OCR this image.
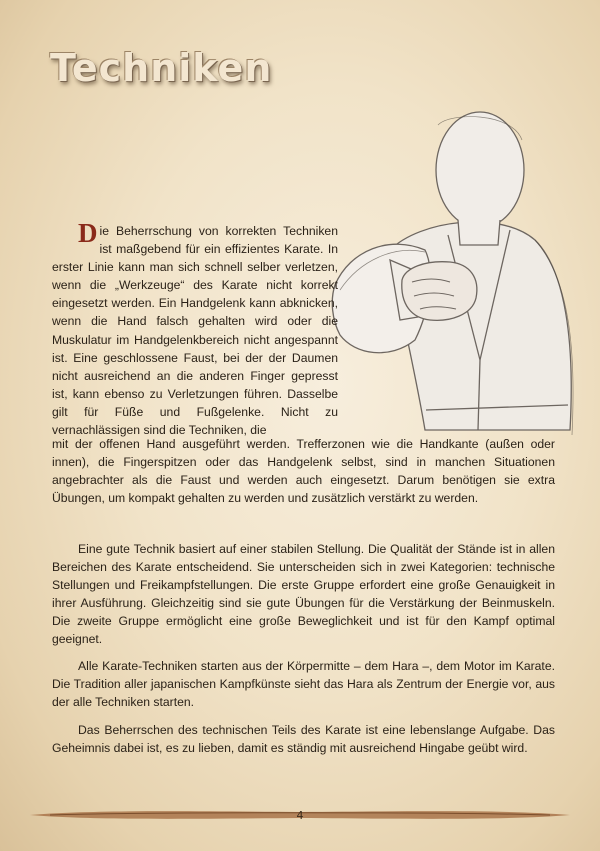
Techniken
Die Beherrschung von korrekten Techniken ist maßgebend für ein effizientes Karate. In erster Linie kann man sich schnell selber verletzen, wenn die „Werkzeuge“ des Karate nicht korrekt eingesetzt werden. Ein Handgelenk kann abknicken, wenn die Hand falsch gehalten wird oder die Muskulatur im Handgelenkbereich nicht angespannt ist. Eine geschlossene Faust, bei der der Daumen nicht ausreichend an die anderen Finger gepresst ist, kann ebenso zu Verletzungen führen. Dasselbe gilt für Füße und Fußgelenke. Nicht zu vernachlässigen sind die Techniken, die
mit der offenen Hand ausgeführt werden. Trefferzonen wie die Handkante (außen oder innen), die Fingerspitzen oder das Handgelenk selbst, sind in manchen Situationen angebrachter als die Faust und werden auch eingesetzt. Darum benötigen sie extra Übungen, um kompakt gehalten zu werden und zusätzlich verstärkt zu werden.
Eine gute Technik basiert auf einer stabilen Stellung. Die Qualität der Stände ist in allen Bereichen des Karate entscheidend. Sie unterscheiden sich in zwei Kategorien: technische Stellungen und Freikampfstellungen. Die erste Gruppe erfordert eine große Genauigkeit in ihrer Ausführung. Gleichzeitig sind sie gute Übungen für die Verstärkung der Beinmuskeln. Die zweite Gruppe ermöglicht eine große Beweglichkeit und ist für den Kampf optimal geeignet.
Alle Karate-Techniken starten aus der Körpermitte – dem Hara –, dem Motor im Karate. Die Tradition aller japanischen Kampfkünste sieht das Hara als Zentrum der Energie vor, aus der alle Techniken starten.
Das Beherrschen des technischen Teils des Karate ist eine lebenslange Aufgabe. Das Geheimnis dabei ist, es zu lieben, damit es ständig mit ausreichend Hingabe geübt wird.
4
